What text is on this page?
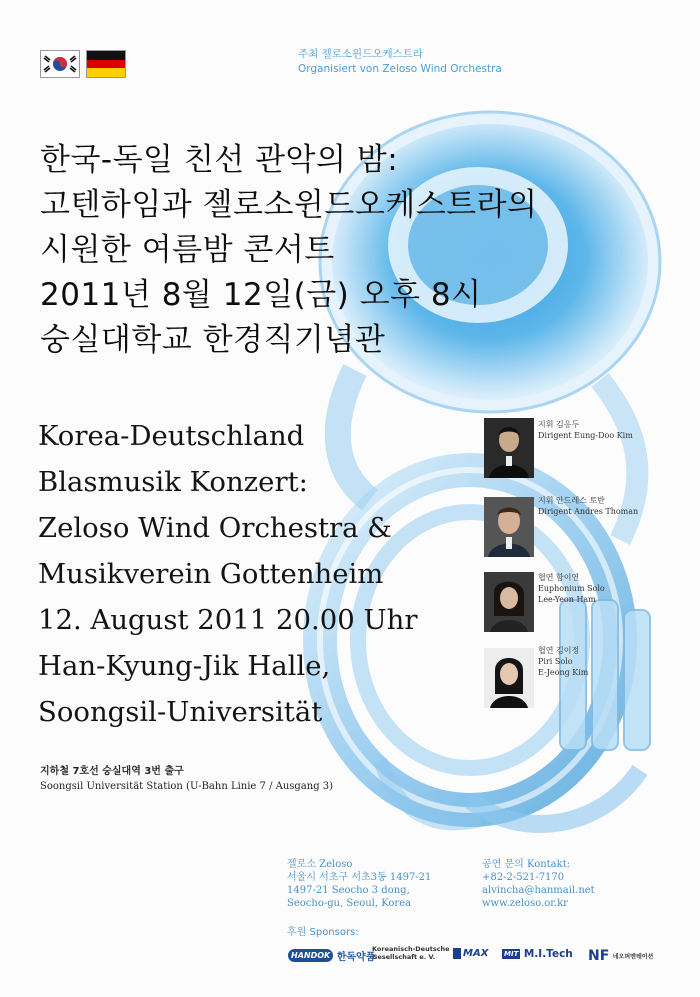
주최 젤로소윈드오케스트라
Organisiert von Zeloso Wind Orchestra
한국-독일 친선 관악의 밤:
고텐하임과 젤로소윈드오케스트라의
시원한 여름밤 콘서트
2011년 8월 12일(금) 오후 8시
숭실대학교 한경직기념관
Korea-Deutschland
Blasmusik Konzert:
Zeloso Wind Orchestra &
Musikverein Gottenheim
12. August 2011 20.00 Uhr
Han-Kyung-Jik Halle,
Soongsil-Universität
지휘 김응두
Dirigent Eung-Doo Kim
지휘 안드레스 토반
Dirigent Andres Thoman
협연 함이연
Euphonium Solo
Lee-Yeon Ham
협연 김이정
Piri Solo
E-Jeong Kim
지하철 7호선 숭실대역 3번 출구
Soongsil Universität Station (U-Bahn Linie 7 / Ausgang 3)
젤로소 Zeloso
서울시 서초구 서초3동 1497-21
1497-21 Seocho 3 dong,
Seocho-gu, Seoul, Korea
공연 문의 Kontakt:
+82-2-521-7170
alvincha@hanmail.net
www.zeloso.or.kr
후원 Sponsors:
HANDOK 한독약품
Koreanisch-Deutsche
Gesellschaft e. V.	MAX MIT M.I.Tech NF 네오퍼멘테이션
